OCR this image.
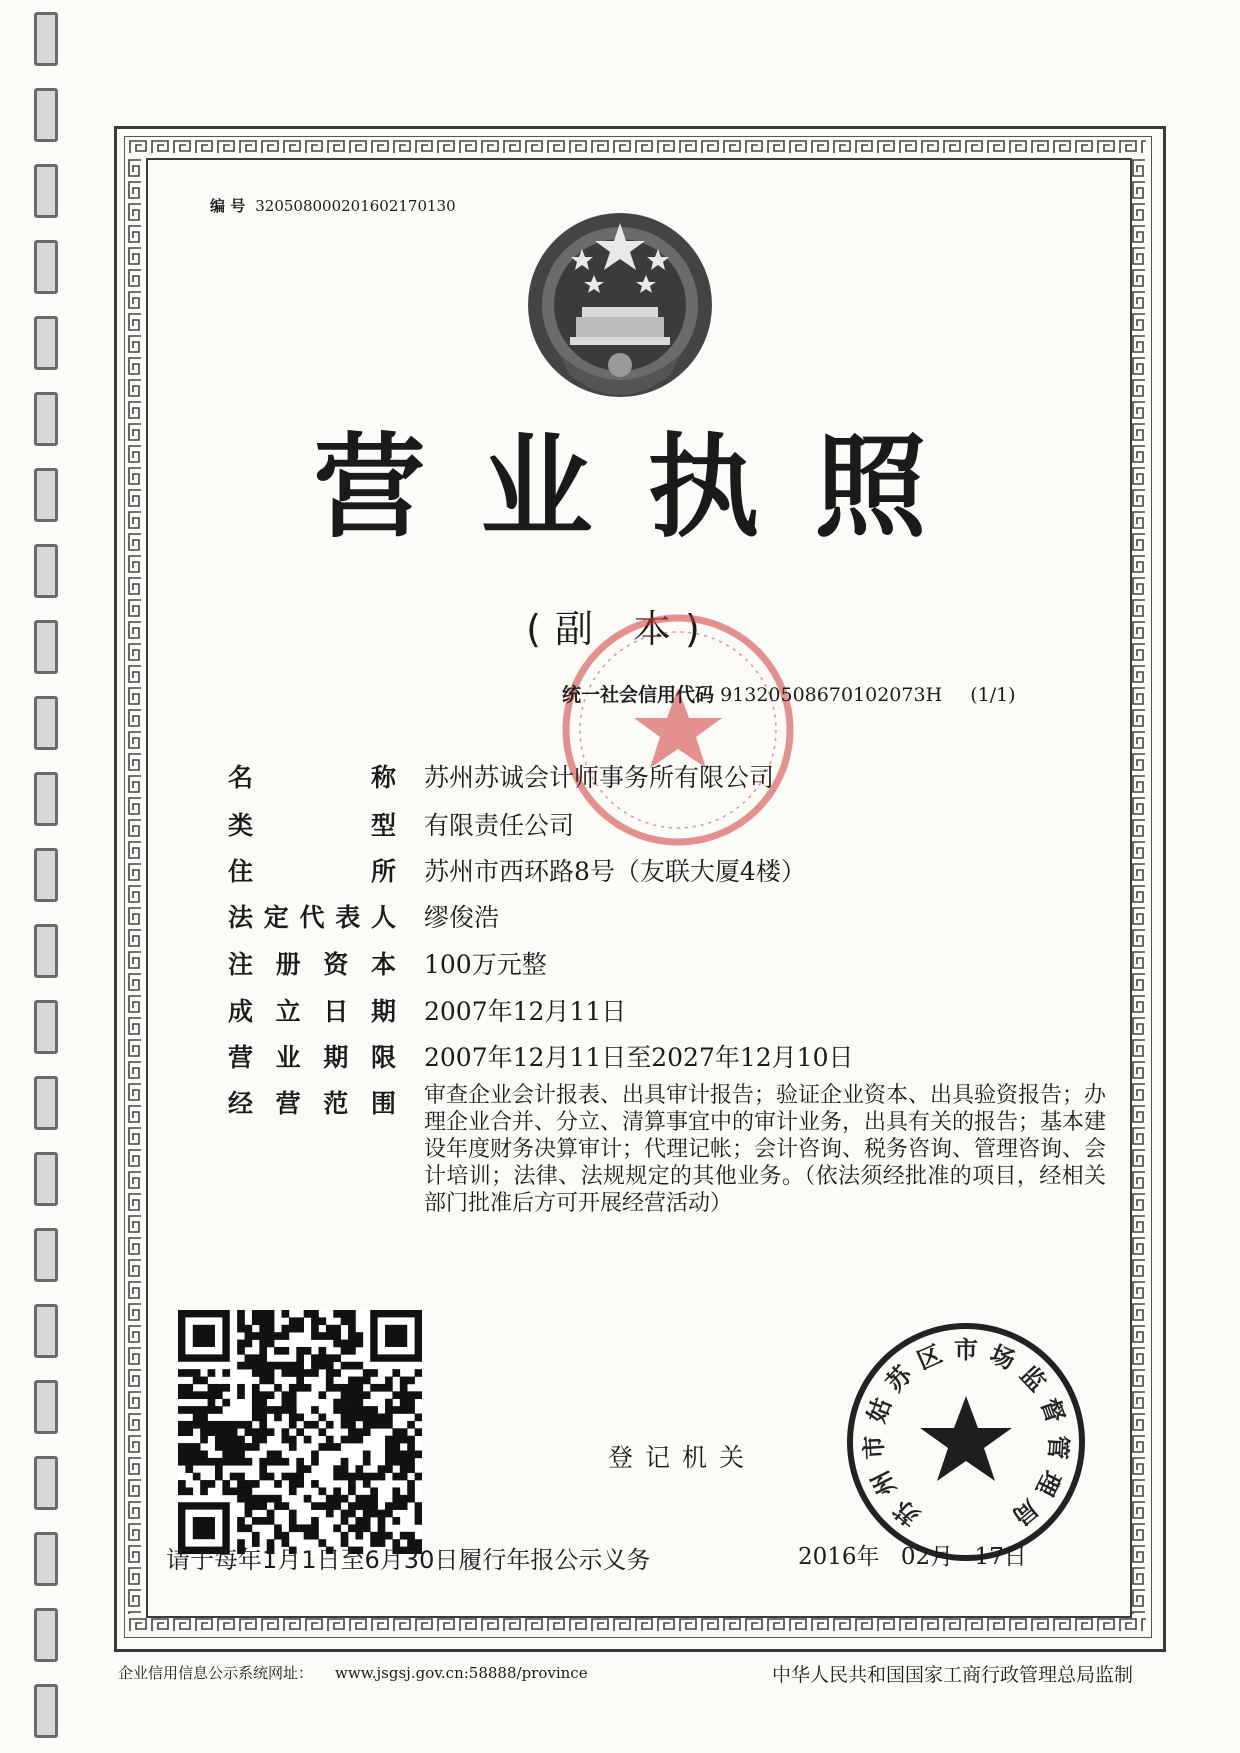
编 号 320508000201602170130
营业执照
(副 本)
统一社会信用代码 91320508670102073H (1/1)
名 称 苏州苏诚会计师事务所有限公司
类 型 有限责任公司
住 所 苏州市西环路8号（友联大厦4楼）
法定代表人 缪俊浩
注 册 资 本 100万元整
成 立 日 期 2007年12月11日
营 业 期 限 2007年12月11日至2027年12月10日
经 营 范 围 审查企业会计报表、出具审计报告；验证企业资本、出具验资报告；办理企业合并、分立、清算事宜中的审计业务，出具有关的报告；基本建设年度财务决算审计；代理记帐；会计咨询、税务咨询、管理咨询、会计培训；法律、法规规定的其他业务。（依法须经批准的项目，经相关部门批准后方可开展经营活动）
登记机关
苏
州
市
姑
苏
区 市 场
监
督
管
理
局
请于每年1月1日至6月30日履行年报公示义务	2016年 02月 17日
企业信用信息公示系统网址： www.jsgsj.gov.cn:58888/province	中华人民共和国国家工商行政管理总局监制
